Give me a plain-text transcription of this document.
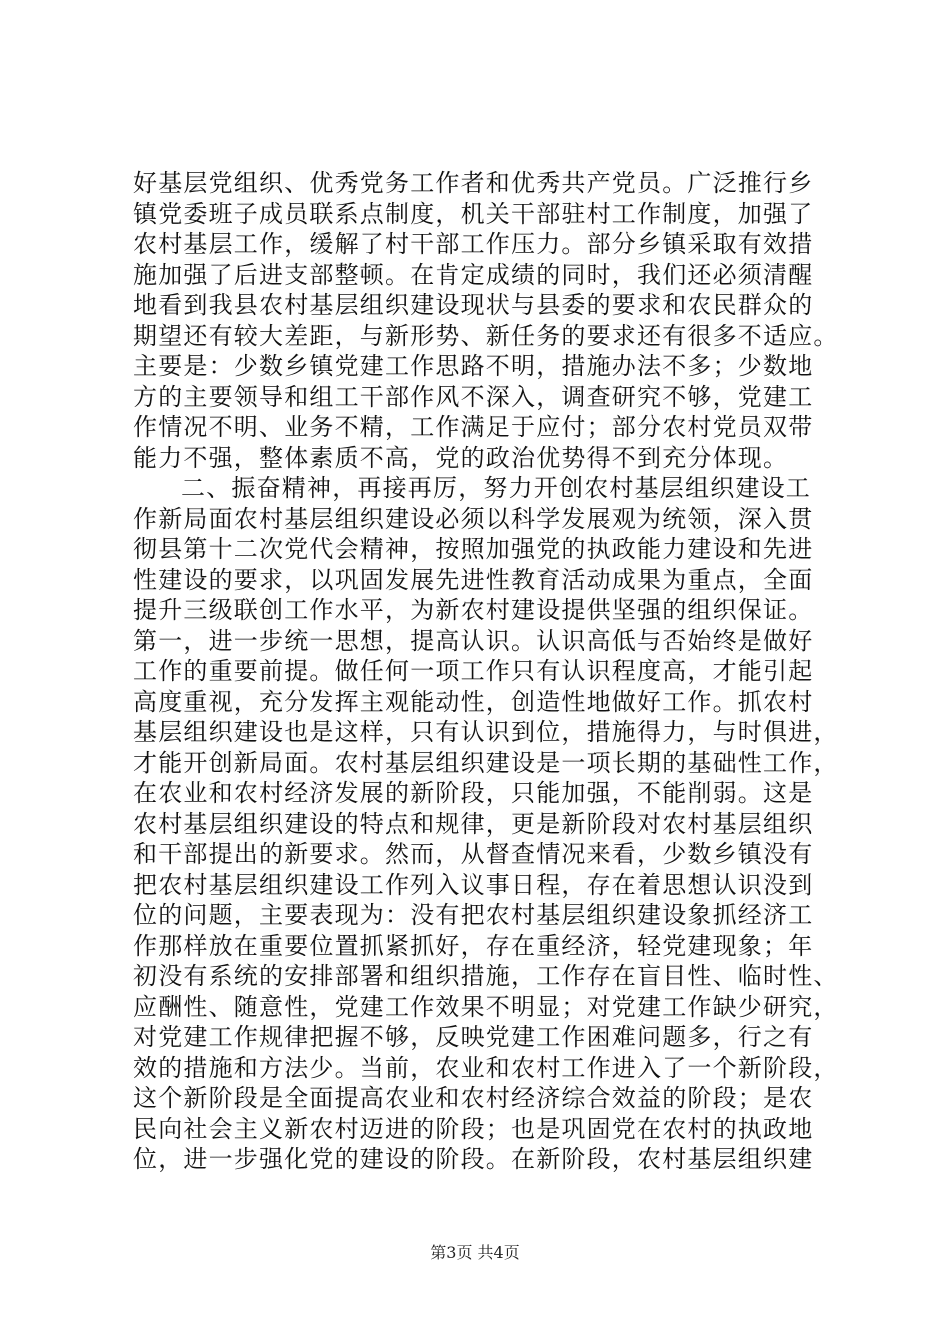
好基层党组织、优秀党务工作者和优秀共产党员。广泛推行乡
镇党委班子成员联系点制度，机关干部驻村工作制度，加强了
农村基层工作，缓解了村干部工作压力。部分乡镇采取有效措
施加强了后进支部整顿。在肯定成绩的同时，我们还必须清醒
地看到我县农村基层组织建设现状与县委的要求和农民群众的
期望还有较大差距，与新形势、新任务的要求还有很多不适应。
主要是：少数乡镇党建工作思路不明，措施办法不多；少数地
方的主要领导和组工干部作风不深入，调查研究不够，党建工
作情况不明、业务不精，工作满足于应付；部分农村党员双带
能力不强，整体素质不高，党的政治优势得不到充分体现。
二、振奋精神，再接再厉，努力开创农村基层组织建设工
作新局面农村基层组织建设必须以科学发展观为统领，深入贯
彻县第十二次党代会精神，按照加强党的执政能力建设和先进
性建设的要求，以巩固发展先进性教育活动成果为重点，全面
提升三级联创工作水平，为新农村建设提供坚强的组织保证。
第一，进一步统一思想，提高认识。认识高低与否始终是做好
工作的重要前提。做任何一项工作只有认识程度高，才能引起
高度重视，充分发挥主观能动性，创造性地做好工作。抓农村
基层组织建设也是这样，只有认识到位，措施得力，与时俱进，
才能开创新局面。农村基层组织建设是一项长期的基础性工作，
在农业和农村经济发展的新阶段，只能加强，不能削弱。这是
农村基层组织建设的特点和规律，更是新阶段对农村基层组织
和干部提出的新要求。然而，从督查情况来看，少数乡镇没有
把农村基层组织建设工作列入议事日程，存在着思想认识没到
位的问题，主要表现为：没有把农村基层组织建设象抓经济工
作那样放在重要位置抓紧抓好，存在重经济，轻党建现象；年
初没有系统的安排部署和组织措施，工作存在盲目性、临时性、
应酬性、随意性，党建工作效果不明显；对党建工作缺少研究，
对党建工作规律把握不够，反映党建工作困难问题多，行之有
效的措施和方法少。当前，农业和农村工作进入了一个新阶段，
这个新阶段是全面提高农业和农村经济综合效益的阶段；是农
民向社会主义新农村迈进的阶段；也是巩固党在农村的执政地
位，进一步强化党的建设的阶段。在新阶段，农村基层组织建
第3页 共4页
